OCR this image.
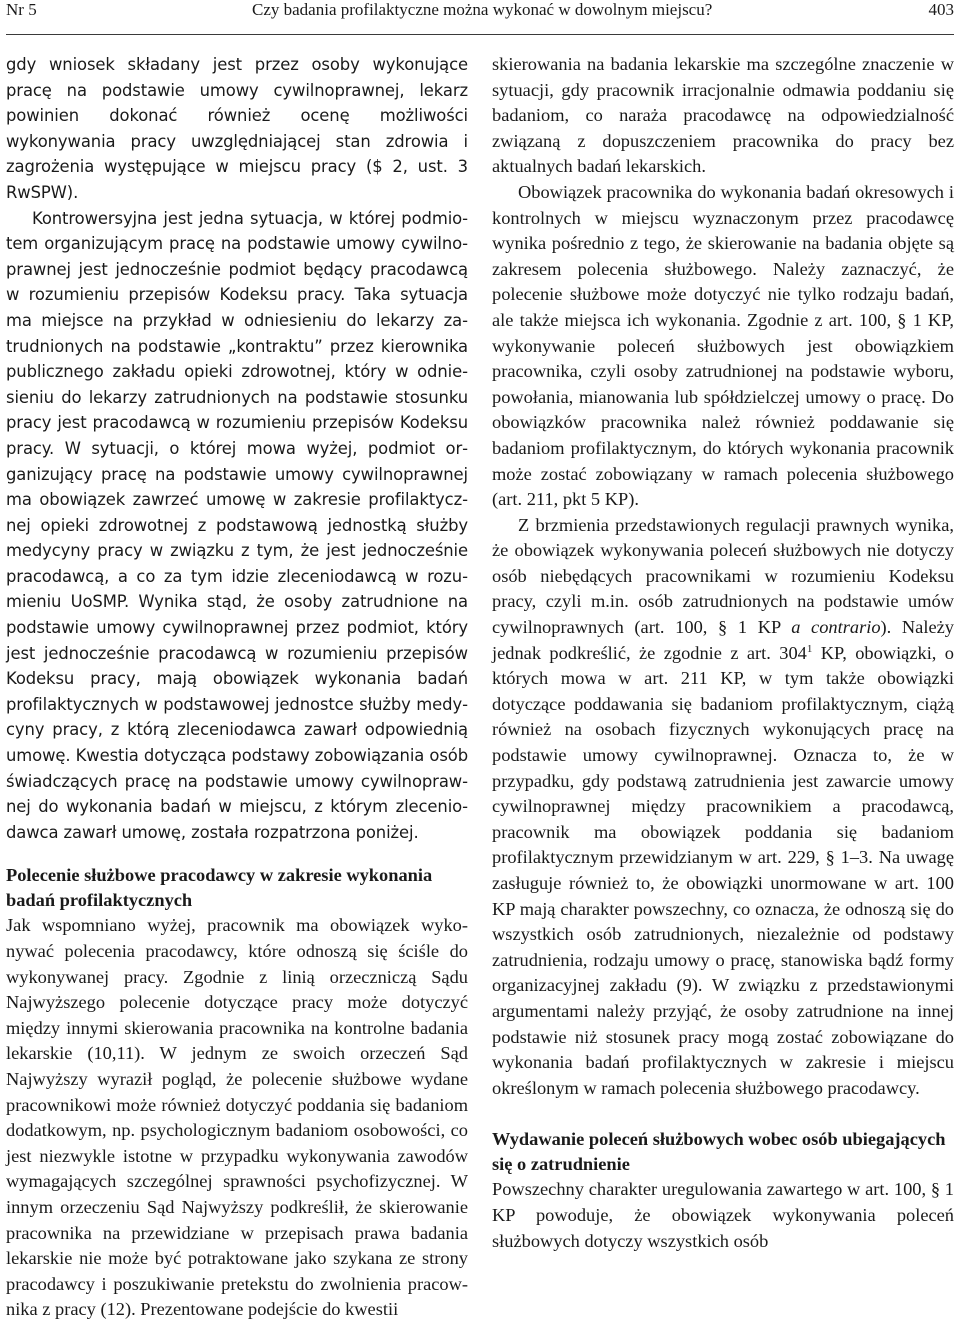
Nr 5	Czy badania profilaktyczne można wykonać w dowolnym miejscu?	403

gdy wniosek składany jest przez osoby wykonujące pracę na podstawie umowy cywilnoprawnej, lekarz powinien dokonać również ocenę możliwości wykonywania pracy uwzględniającej stan zdrowia i zagrożenia występujące w miejscu pracy ($ 2, ust. 3 RwSPW).

Kontrowersyjna jest jedna sytuacja, w której podmiotem organizującym pracę na podstawie umowy cywilnoprawnej jest jednocześnie podmiot będący pracodawcą w rozumieniu przepisów Kodeksu pracy. Taka sytuacja ma miejsce na przykład w odniesieniu do lekarzy zatrudnionych na podstawie „kontraktu” przez kierownika publicznego zakładu opieki zdrowotnej, który w odniesieniu do lekarzy zatrudnionych na podstawie stosunku pracy jest pracodawcą w rozumieniu przepisów Kodeksu pracy. W sytuacji, o której mowa wyżej, podmiot organizujący pracę na podstawie umowy cywilnoprawnej ma obowiązek zawrzeć umowę w zakresie profilaktycznej opieki zdrowotnej z podstawową jednostką służby medycyny pracy w związku z tym, że jest jednocześnie pracodawcą, a co za tym idzie zleceniodawcą w rozumieniu UoSMP. Wynika stąd, że osoby zatrudnione na podstawie umowy cywilnoprawnej przez podmiot, który jest jednocześnie pracodawcą w rozumieniu przepisów Kodeksu pracy, mają obowiązek wykonania badań profilaktycznych w podstawowej jednostce służby medycyny pracy, z którą zleceniodawca zawarł odpowiednią umowę. Kwestia dotycząca podstawy zobowiązania osób świadczących pracę na podstawie umowy cywilnoprawnej do wykonania badań w miejscu, z którym zleceniodawca zawarł umowę, została rozpatrzona poniżej.

Polecenie służbowe pracodawcy w zakresie wykonania badań profilaktycznych

Jak wspomniano wyżej, pracownik ma obowiązek wykonywać polecenia pracodawcy, które odnoszą się ściśle do wykonywanej pracy. Zgodnie z linią orzeczniczą Sądu Najwyższego polecenie dotyczące pracy może dotyczyć między innymi skierowania pracownika na kontrolne badania lekarskie (10,11). W jednym ze swoich orzeczeń Sąd Najwyższy wyraził pogląd, że polecenie służbowe wydane pracownikowi może również dotyczyć poddania się badaniom dodatkowym, np. psychologicznym badaniom osobowości, co jest niezwykle istotne w przypadku wykonywania zawodów wymagających szczególnej sprawności psychofizycznej. W innym orzeczeniu Sąd Najwyższy podkreślił, że skierowanie pracownika na przewidziane w przepisach prawa badania lekarskie nie może być potraktowane jako szykana ze strony pracodawcy i poszukiwanie pretekstu do zwolnienia pracownika z pracy (12). Prezentowane podejście do kwestii

skierowania na badania lekarskie ma szczególne znaczenie w sytuacji, gdy pracownik irracjonalnie odmawia poddaniu się badaniom, co naraża pracodawcę na odpowiedzialność związaną z dopuszczeniem pracownika do pracy bez aktualnych badań lekarskich.

Obowiązek pracownika do wykonania badań okresowych i kontrolnych w miejscu wyznaczonym przez pracodawcę wynika pośrednio z tego, że skierowanie na badania objęte są zakresem polecenia służbowego. Należy zaznaczyć, że polecenie służbowe może dotyczyć nie tylko rodzaju badań, ale także miejsca ich wykonania. Zgodnie z art. 100, § 1 KP, wykonywanie poleceń służbowych jest obowiązkiem pracownika, czyli osoby zatrudnionej na podstawie wyboru, powołania, mianowania lub spółdzielczej umowy o pracę. Do obowiązków pracownika należ również poddawanie się badaniom profilaktycznym, do których wykonania pracownik może zostać zobowiązany w ramach polecenia służbowego (art. 211, pkt 5 KP).

Z brzmienia przedstawionych regulacji prawnych wynika, że obowiązek wykonywania poleceń służbowych nie dotyczy osób niebędących pracownikami w rozumieniu Kodeksu pracy, czyli m.in. osób zatrudnionych na podstawie umów cywilnoprawnych (art. 100, § 1 KP a contrario). Należy jednak podkreślić, że zgodnie z art. $304^1$ KP, obowiązki, o których mowa w art. 211 KP, w tym także obowiązki dotyczące poddawania się badaniom profilaktycznym, ciążą również na osobach fizycznych wykonujących pracę na podstawie umowy cywilnoprawnej. Oznacza to, że w przypadku, gdy podstawą zatrudnienia jest zawarcie umowy cywilnoprawnej między pracownikiem a pracodawcą, pracownik ma obowiązek poddania się badaniom profilaktycznym przewidzianym w art. 229, § 1–3. Na uwagę zasługuje również to, że obowiązki unormowane w art. 100 KP mają charakter powszechny, co oznacza, że odnoszą się do wszystkich osób zatrudnionych, niezależnie od podstawy zatrudnienia, rodzaju umowy o pracę, stanowiska bądź formy organizacyjnej zakładu (9). W związku z przedstawionymi argumentami należy przyjąć, że osoby zatrudnione na innej podstawie niż stosunek pracy mogą zostać zobowiązane do wykonania badań profilaktycznych w zakresie i miejscu określonym w ramach polecenia służbowego pracodawcy.

Wydawanie poleceń służbowych wobec osób ubiegających się o zatrudnienie

Powszechny charakter uregulowania zawartego w art. 100, § 1 KP powoduje, że obowiązek wykonywania poleceń służbowych dotyczy wszystkich osób
